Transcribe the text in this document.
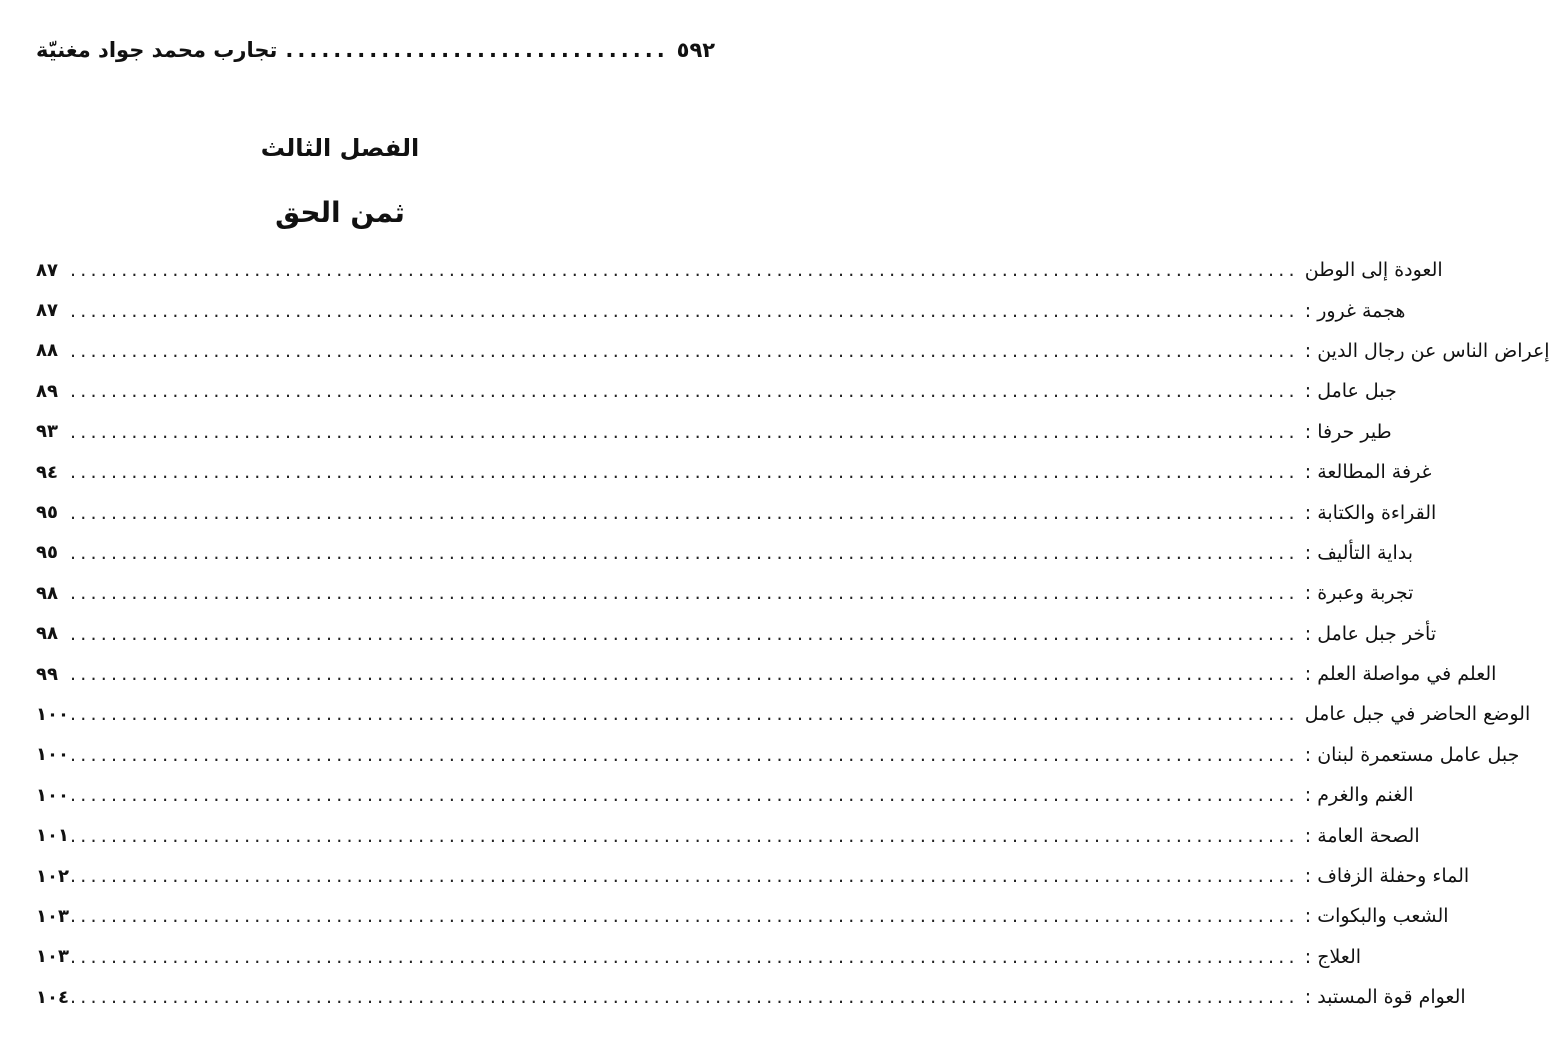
تجارب محمد جواد مغنيّة ................................ ٥٩٢
الفصل الثالث
ثمن الحق
٨٧ ........................................................................................................................ العودة إلى الوطن
٨٧ ........................................................................................................................ هجمة غرور :
٨٨ ........................................................................................................................ إعراض الناس عن رجال الدين :
٨٩ ........................................................................................................................ جبل عامل :
٩٣ ........................................................................................................................ طير حرفا :
٩٤ ........................................................................................................................ غرفة المطالعة :
٩٥ ........................................................................................................................ القراءة والكتابة :
٩٥ ........................................................................................................................ بداية التأليف :
٩٨ ........................................................................................................................ تجربة وعبرة :
٩٨ ........................................................................................................................ تأخر جبل عامل :
٩٩ ........................................................................................................................ العلم في مواصلة العلم :
١٠٠ ........................................................................................................................ الوضع الحاضر في جبل عامل
١٠٠ ........................................................................................................................ جبل عامل مستعمرة لبنان :
١٠٠ ........................................................................................................................ الغنم والغرم :
١٠١ ........................................................................................................................ الصحة العامة :
١٠٢ ........................................................................................................................ الماء وحفلة الزفاف :
١٠٣ ........................................................................................................................ الشعب والبكوات :
١٠٣ ........................................................................................................................ العلاج :
١٠٤ ........................................................................................................................ العوام قوة المستبد :
